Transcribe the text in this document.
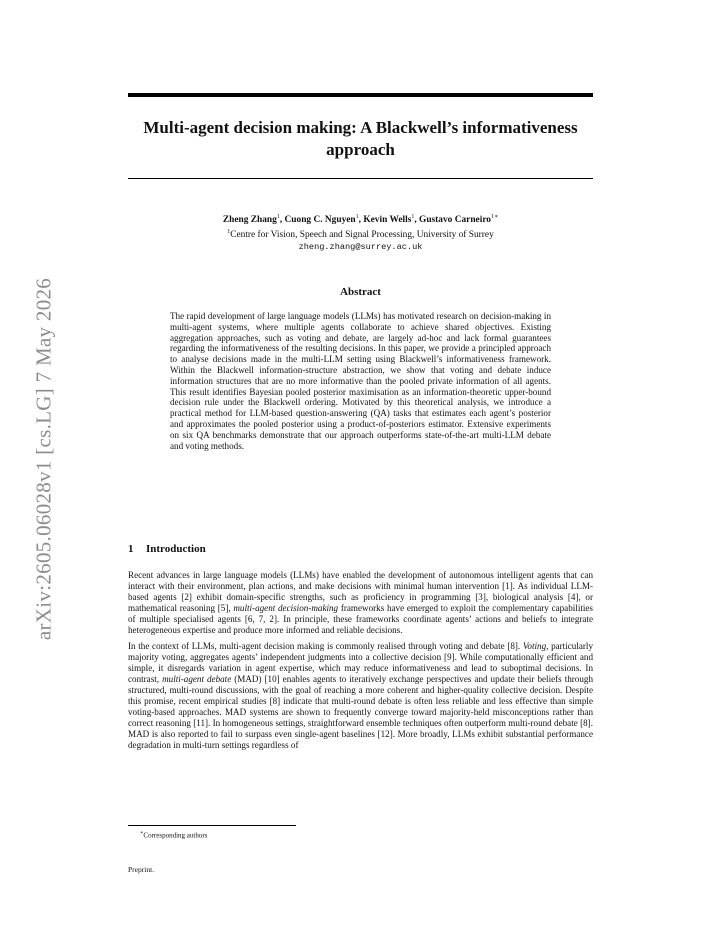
arXiv:2605.06028v1 [cs.LG] 7 May 2026
Multi-agent decision making: A Blackwell’s informativeness approach
Zheng Zhang$^1$, Cuong C. Nguyen$^1$, Kevin Wells$^1$, Gustavo Carneiro$^{1∗}$
$^1$Centre for Vision, Speech and Signal Processing, University of Surrey
zheng.zhang@surrey.ac.uk
Abstract
The rapid development of large language models (LLMs) has motivated research on decision-making in multi-agent systems, where multiple agents collaborate to achieve shared objectives. Existing aggregation approaches, such as voting and debate, are largely ad-hoc and lack formal guarantees regarding the informativeness of the resulting decisions. In this paper, we provide a principled approach to analyse decisions made in the multi-LLM setting using Blackwell’s informativeness framework. Within the Blackwell information-structure abstraction, we show that voting and debate induce information structures that are no more informative than the pooled private information of all agents. This result identifies Bayesian pooled posterior maximisation as an information-theoretic upper-bound decision rule under the Blackwell ordering. Motivated by this theoretical analysis, we introduce a practical method for LLM-based question-answering (QA) tasks that estimates each agent’s posterior and approximates the pooled posterior using a product-of-posteriors estimator. Extensive experiments on six QA benchmarks demonstrate that our approach outperforms state-of-the-art multi-LLM debate and voting methods.
1 Introduction

Recent advances in large language models (LLMs) have enabled the development of autonomous intelligent agents that can interact with their environment, plan actions, and make decisions with minimal human intervention [1]. As individual LLM-based agents [2] exhibit domain-specific strengths, such as proficiency in programming [3], biological analysis [4], or mathematical reasoning [5], multi-agent decision-making frameworks have emerged to exploit the complementary capabilities of multiple specialised agents [6, 7, 2]. In principle, these frameworks coordinate agents’ actions and beliefs to integrate heterogeneous expertise and produce more informed and reliable decisions.

In the context of LLMs, multi-agent decision making is commonly realised through voting and debate [8]. Voting, particularly majority voting, aggregates agents’ independent judgments into a collective decision [9]. While computationally efficient and simple, it disregards variation in agent expertise, which may reduce informativeness and lead to suboptimal decisions. In contrast, multi-agent debate (MAD) [10] enables agents to iteratively exchange perspectives and update their beliefs through structured, multi-round discussions, with the goal of reaching a more coherent and higher-quality collective decision. Despite this promise, recent empirical studies [8] indicate that multi-round debate is often less reliable and less effective than simple voting-based approaches. MAD systems are shown to frequently converge toward majority-held misconceptions rather than correct reasoning [11]. In homogeneous settings, straightforward ensemble techniques often outperform multi-round debate [8]. MAD is also reported to fail to surpass even single-agent baselines [12]. More broadly, LLMs exhibit substantial performance degradation in multi-turn settings regardless of

∗Corresponding authors
Preprint.
